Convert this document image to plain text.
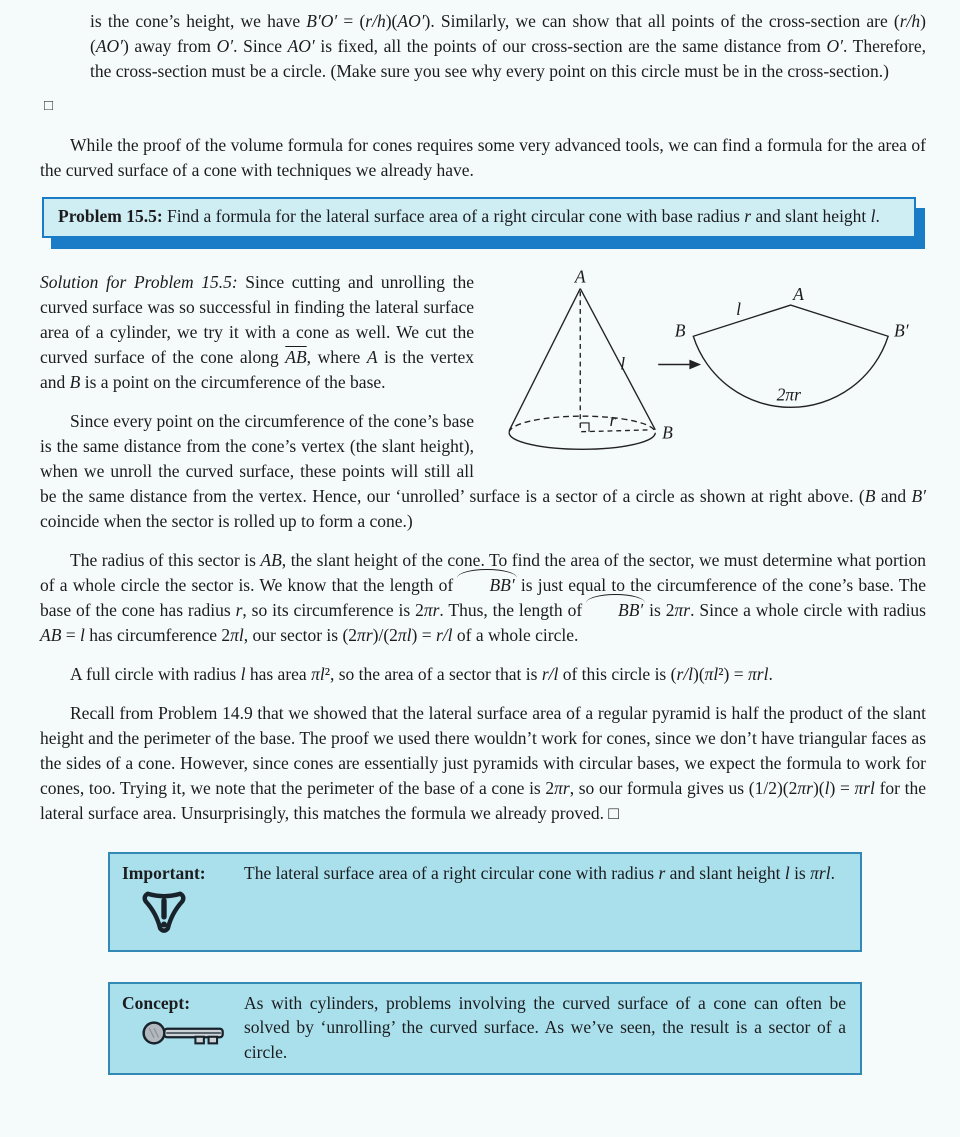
is the cone’s height, we have B′O′ = (r/h)(AO′). Similarly, we can show that all points of the cross-section are (r/h)(AO′) away from O′. Since AO′ is fixed, all the points of our cross-section are the same distance from O′. Therefore, the cross-section must be a circle. (Make sure you see why every point on this circle must be in the cross-section.)

□

While the proof of the volume formula for cones requires some very advanced tools, we can find a formula for the area of the curved surface of a cone with techniques we already have.

Problem 15.5: Find a formula for the lateral surface area of a right circular cone with base radius r and slant height l.

A
l
r
B
l
A
B	B′
2πr

Solution for Problem 15.5: Since cutting and unrolling the curved surface was so successful in finding the lateral surface area of a cylinder, we try it with a cone as well. We cut the curved surface of the cone along $\overline{AB}$, where A is the vertex and B is a point on the circumference of the base.

Since every point on the circumference of the cone’s base is the same distance from the cone’s vertex (the slant height), when we unroll the curved surface, these points will still all be the same distance from the vertex. Hence, our ‘unrolled’ surface is a sector of a circle as shown at right above. (B and B′ coincide when the sector is rolled up to form a cone.)

The radius of this sector is AB, the slant height of the cone. To find the area of the sector, we must determine what portion of a whole circle the sector is. We know that the length of BB′ is just equal to the circumference of the cone’s base. The base of the cone has radius r, so its circumference is 2πr. Thus, the length of BB′ is 2πr. Since a whole circle with radius AB = l has circumference 2πl, our sector is (2πr)/(2πl) = r/l of a whole circle.

A full circle with radius l has area πl², so the area of a sector that is r/l of this circle is (r/l)(πl²) = πrl.

Recall from Problem 14.9 that we showed that the lateral surface area of a regular pyramid is half the product of the slant height and the perimeter of the base. The proof we used there wouldn’t work for cones, since we don’t have triangular faces as the sides of a cone. However, since cones are essentially just pyramids with circular bases, we expect the formula to work for cones, too. Trying it, we note that the perimeter of the base of a cone is 2πr, so our formula gives us (1/2)(2πr)(l) = πrl for the lateral surface area. Unsurprisingly, this matches the formula we already proved. □

Important: The lateral surface area of a right circular cone with radius r and slant height l is πrl.

Concept:	As with cylinders, problems involving the curved surface of a cone can often be solved by ‘unrolling’ the curved surface. As we’ve seen, the result is a sector of a circle.
